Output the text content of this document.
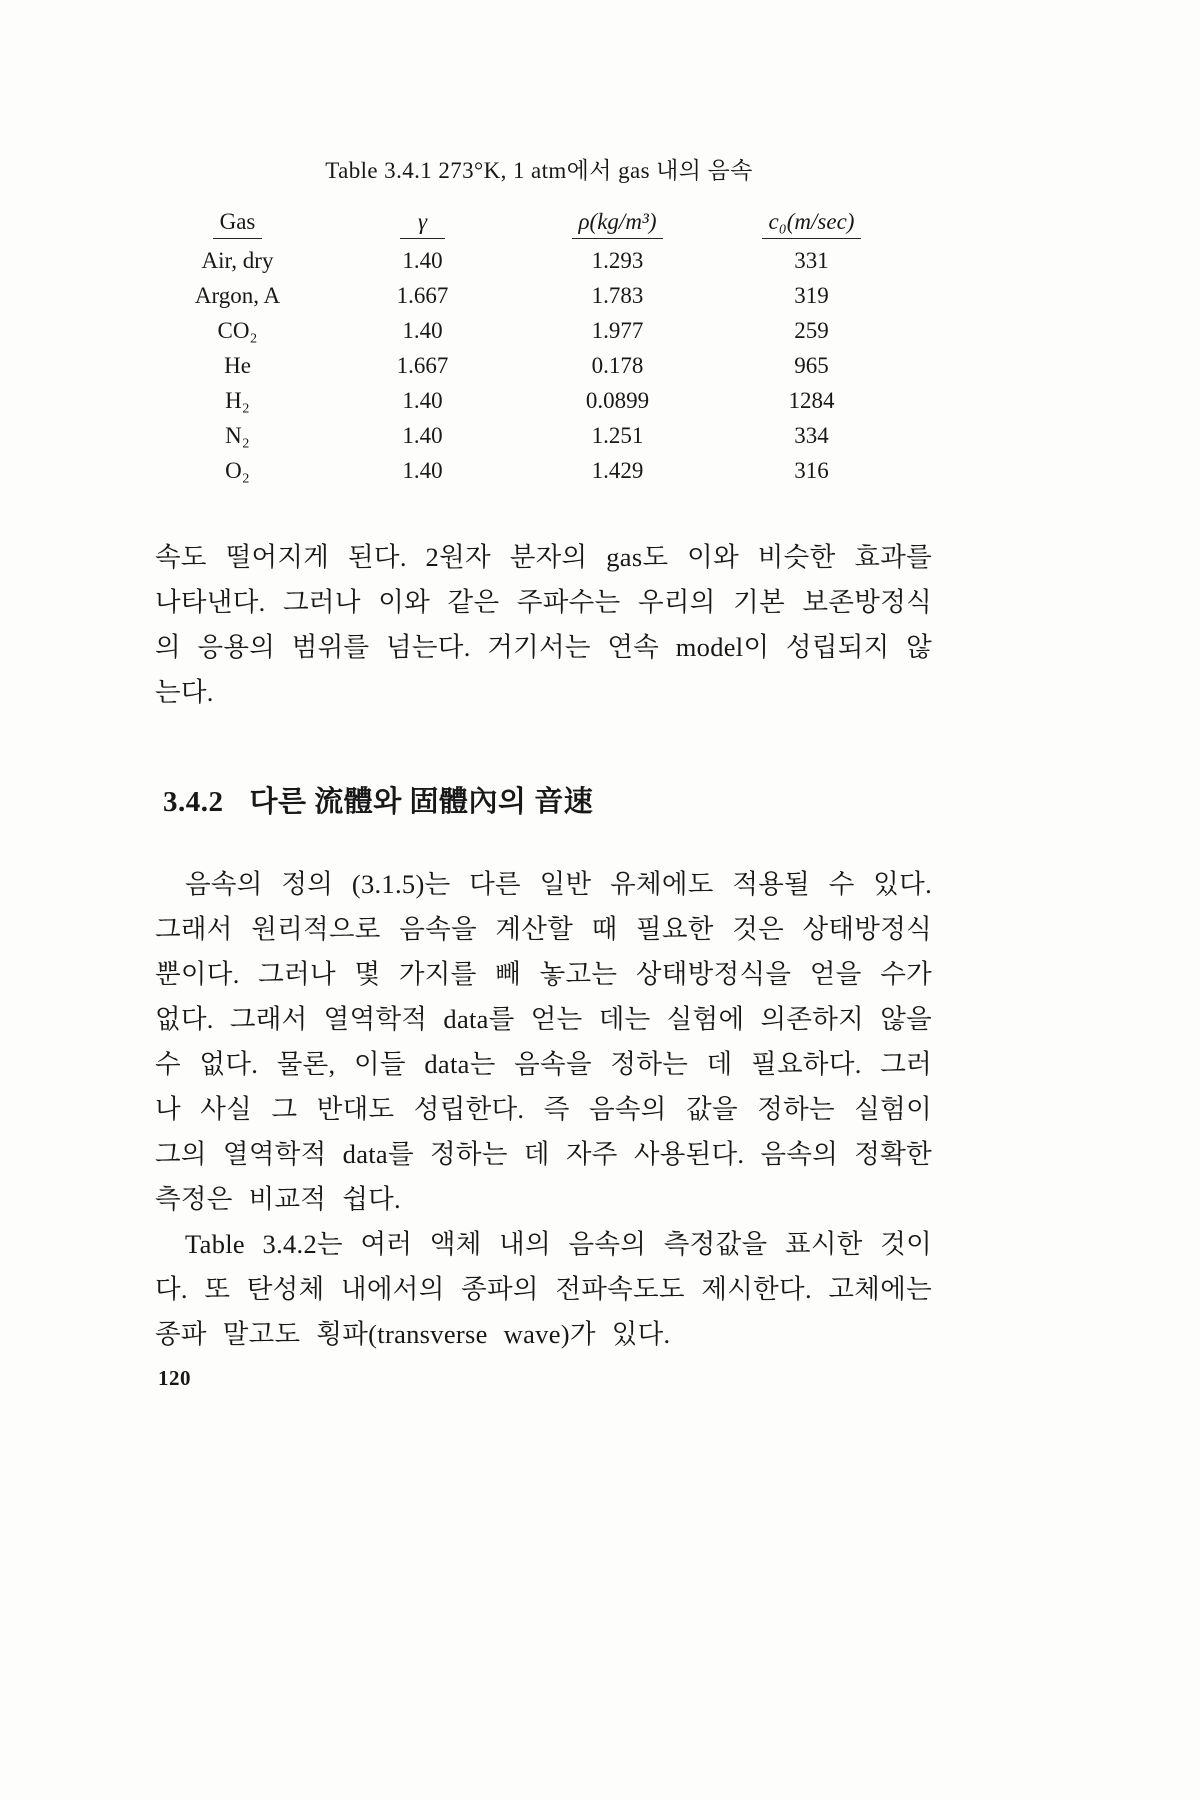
Table 3.4.1 273°K, 1 atm에서 gas 내의 음속
Gas	γ	ρ(kg/m³)	c₀(m/sec)
Air, dry	1.40	1.293	331
Argon, A	1.667	1.783	319
CO₂	1.40	1.977	259
He	1.667	0.178	965
H₂	1.40	0.0899	1284
N₂	1.40	1.251	334
O₂	1.40	1.429	316

속도 떨어지게 된다. 2원자 분자의 gas도 이와 비슷한 효과를 나타낸다. 그러나 이와 같은 주파수는 우리의 기본 보존방정식의 응용의 범위를 넘는다. 거기서는 연속 model이 성립되지 않는다.

3.4.2 다른 流體와 固體內의 音速

음속의 정의 (3.1.5)는 다른 일반 유체에도 적용될 수 있다. 그래서 원리적으로 음속을 계산할 때 필요한 것은 상태방정식뿐이다. 그러나 몇 가지를 빼 놓고는 상태방정식을 얻을 수가 없다. 그래서 열역학적 data를 얻는 데는 실험에 의존하지 않을 수 없다. 물론, 이들 data는 음속을 정하는 데 필요하다. 그러나 사실 그 반대도 성립한다. 즉 음속의 값을 정하는 실험이 그의 열역학적 data를 정하는 데 자주 사용된다. 음속의 정확한 측정은 비교적 쉽다.

Table 3.4.2는 여러 액체 내의 음속의 측정값을 표시한 것이다. 또 탄성체 내에서의 종파의 전파속도도 제시한다. 고체에는 종파 말고도 횡파(transverse wave)가 있다.

120
